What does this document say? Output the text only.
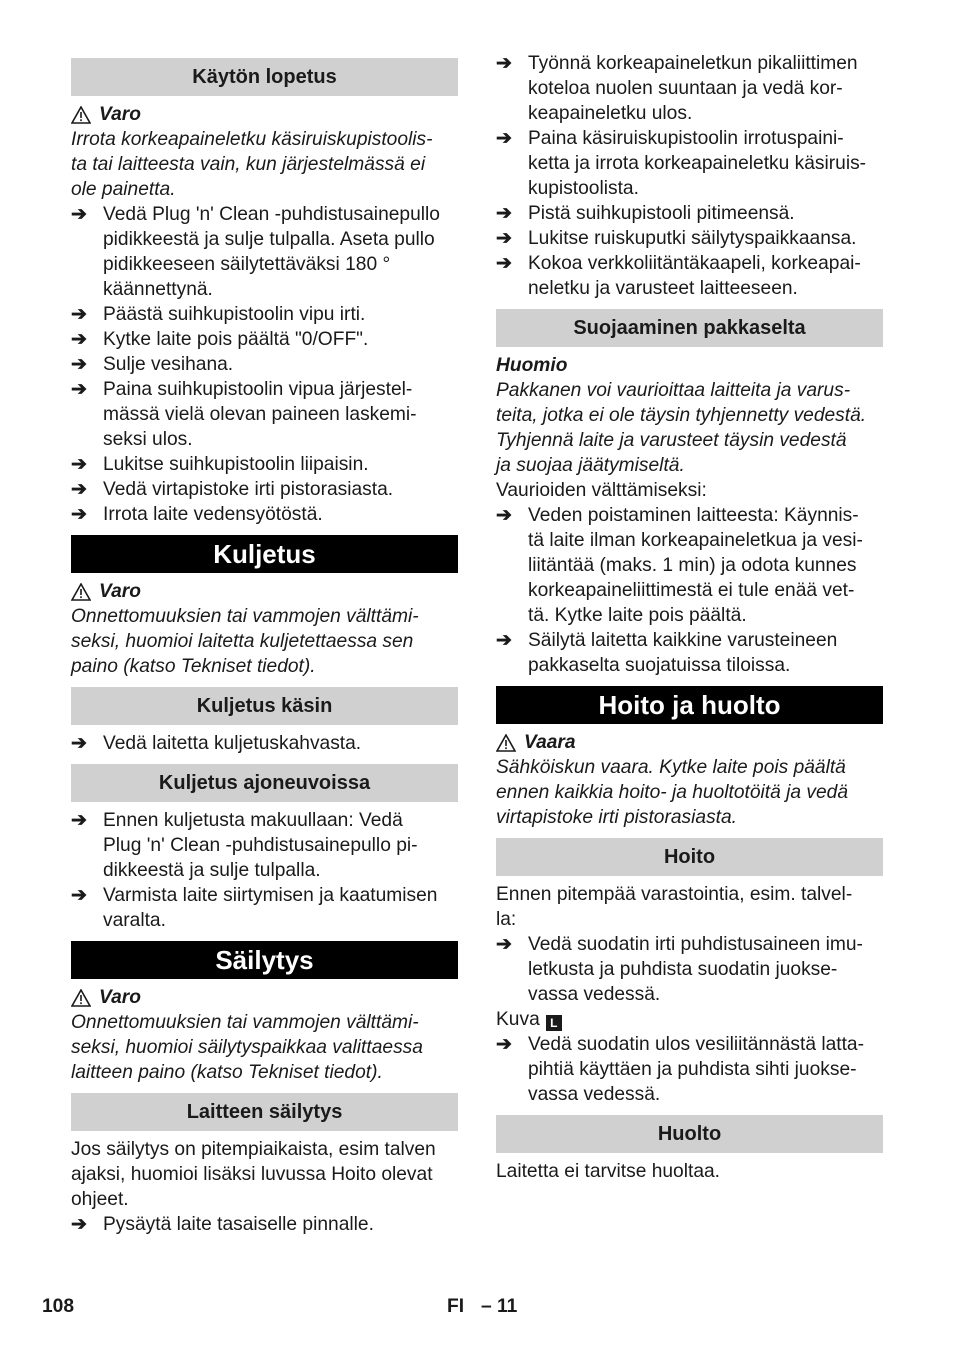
Käytön lopetus
Varo
Irrota korkeapaineletku käsiruiskupistoolis-
ta tai laitteesta vain, kun järjestelmässä ei
ole painetta.
➔ Vedä Plug 'n' Clean -puhdistusainepullo
pidikkeestä ja sulje tulpalla. Aseta pullo
pidikkeeseen säilytettäväksi 180 °
käännettynä.
➔ Päästä suihkupistoolin vipu irti.
➔ Kytke laite pois päältä "0/OFF".
➔ Sulje vesihana.
➔ Paina suihkupistoolin vipua järjestel-
mässä vielä olevan paineen laskemi-
seksi ulos.
➔ Lukitse suihkupistoolin liipaisin.
➔ Vedä virtapistoke irti pistorasiasta.
➔ Irrota laite vedensyötöstä.
Kuljetus
Varo
Onnettomuuksien tai vammojen välttämi-
seksi, huomioi laitetta kuljetettaessa sen
paino (katso Tekniset tiedot).
Kuljetus käsin
➔ Vedä laitetta kuljetuskahvasta.
Kuljetus ajoneuvoissa
➔ Ennen kuljetusta makuullaan: Vedä
Plug 'n' Clean -puhdistusainepullo pi-
dikkeestä ja sulje tulpalla.
➔ Varmista laite siirtymisen ja kaatumisen
varalta.
Säilytys
Varo
Onnettomuuksien tai vammojen välttämi-
seksi, huomioi säilytyspaikkaa valittaessa
laitteen paino (katso Tekniset tiedot).
Laitteen säilytys
Jos säilytys on pitempiaikaista, esim talven
ajaksi, huomioi lisäksi luvussa Hoito olevat
ohjeet.
➔ Pysäytä laite tasaiselle pinnalle.
➔ Työnnä korkeapaineletkun pikaliittimen
koteloa nuolen suuntaan ja vedä kor-
keapaineletku ulos.
➔ Paina käsiruiskupistoolin irrotuspaini-
ketta ja irrota korkeapaineletku käsiruis-
kupistoolista.
➔ Pistä suihkupistooli pitimeensä.
➔ Lukitse ruiskuputki säilytyspaikkaansa.
➔ Kokoa verkkoliitäntäkaapeli, korkeapai-
neletku ja varusteet laitteeseen.
Suojaaminen pakkaselta
Huomio
Pakkanen voi vaurioittaa laitteita ja varus-
teita, jotka ei ole täysin tyhjennetty vedestä.
Tyhjennä laite ja varusteet täysin vedestä
ja suojaa jäätymiseltä.
Vaurioiden välttämiseksi:
➔ Veden poistaminen laitteesta: Käynnis-
tä laite ilman korkeapaineletkua ja vesi-
liitäntää (maks. 1 min) ja odota kunnes
korkeapaineliittimestä ei tule enää vet-
tä. Kytke laite pois päältä.
➔ Säilytä laitetta kaikkine varusteineen
pakkaselta suojatuissa tiloissa.
Hoito ja huolto
Vaara
Sähköiskun vaara. Kytke laite pois päältä
ennen kaikkia hoito- ja huoltotöitä ja vedä
virtapistoke irti pistorasiasta.
Hoito
Ennen pitempää varastointia, esim. talvel-
la:
➔ Vedä suodatin irti puhdistusaineen imu-
letkusta ja puhdista suodatin juokse-
vassa vedessä.
Kuva L
➔ Vedä suodatin ulos vesiliitännästä latta-
pihtiä käyttäen ja puhdista sihti juokse-
vassa vedessä.
Huolto
Laitetta ei tarvitse huoltaa.
108	FI – 11
